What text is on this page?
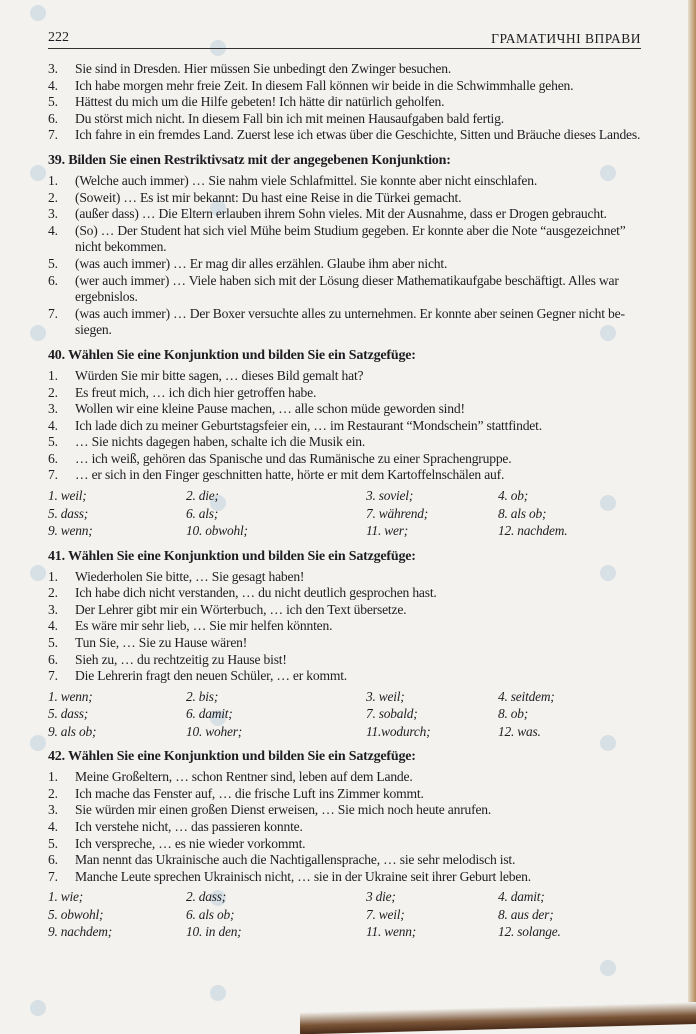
222	ГРАМАТИЧНІ ВПРАВИ
3.	Sie sind in Dresden. Hier müssen Sie unbedingt den Zwinger besuchen.
4.	Ich habe morgen mehr freie Zeit. In diesem Fall können wir beide in die Schwimmhalle gehen.
5.	Hättest du mich um die Hilfe gebeten! Ich hätte dir natürlich geholfen.
6.	Du störst mich nicht. In diesem Fall bin ich mit meinen Hausaufgaben bald fertig.
7.	Ich fahre in ein fremdes Land. Zuerst lese ich etwas über die Geschichte, Sitten und Bräuche dieses Landes.
39. Bilden Sie einen Restriktivsatz mit der angegebenen Konjunktion:
1.	(Welche auch immer) … Sie nahm viele Schlafmittel. Sie konnte aber nicht einschlafen.
2.	(Soweit) … Es ist mir bekannt: Du hast eine Reise in die Türkei gemacht.
3.	(außer dass) … Die Eltern erlauben ihrem Sohn vieles. Mit der Ausnahme, dass er Drogen gebraucht.
4.	(So) … Der Student hat sich viel Mühe beim Studium gegeben. Er konnte aber die Note “ausgezeichnet” nicht bekommen.
5.	(was auch immer) … Er mag dir alles erzählen. Glaube ihm aber nicht.
6.	(wer auch immer) … Viele haben sich mit der Lösung dieser Mathematikaufgabe beschäftigt. Alles war ergebnislos.
7.	(was auch immer) … Der Boxer versuchte alles zu unternehmen. Er konnte aber seinen Gegner nicht be-siegen.
40. Wählen Sie eine Konjunktion und bilden Sie ein Satzgefüge:
1.	Würden Sie mir bitte sagen, … dieses Bild gemalt hat?
2.	Es freut mich, … ich dich hier getroffen habe.
3.	Wollen wir eine kleine Pause machen, … alle schon müde geworden sind!
4.	Ich lade dich zu meiner Geburtstagsfeier ein, … im Restaurant “Mondschein” stattfindet.
5.	… Sie nichts dagegen haben, schalte ich die Musik ein.
6.	… ich weiß, gehören das Spanische und das Rumänische zu einer Sprachengruppe.
7.	… er sich in den Finger geschnitten hatte, hörte er mit dem Kartoffelnschälen auf.
1. weil;	2. die;	3. soviel;	4. ob;
5. dass;	6. als;	7. während;	8. als ob;
9. wenn;	10. obwohl;	11. wer;	12. nachdem.
41. Wählen Sie eine Konjunktion und bilden Sie ein Satzgefüge:
1.	Wiederholen Sie bitte, … Sie gesagt haben!
2.	Ich habe dich nicht verstanden, … du nicht deutlich gesprochen hast.
3.	Der Lehrer gibt mir ein Wörterbuch, … ich den Text übersetze.
4.	Es wäre mir sehr lieb, … Sie mir helfen könnten.
5.	Tun Sie, … Sie zu Hause wären!
6.	Sieh zu, … du rechtzeitig zu Hause bist!
7.	Die Lehrerin fragt den neuen Schüler, … er kommt.
1. wenn;	2. bis;	3. weil;	4. seitdem;
5. dass;	6. damit;	7. sobald;	8. ob;
9. als ob;	10. woher;	11.wodurch;	12. was.
42. Wählen Sie eine Konjunktion und bilden Sie ein Satzgefüge:
1.	Meine Großeltern, … schon Rentner sind, leben auf dem Lande.
2.	Ich mache das Fenster auf, … die frische Luft ins Zimmer kommt.
3.	Sie würden mir einen großen Dienst erweisen, … Sie mich noch heute anrufen.
4.	Ich verstehe nicht, … das passieren konnte.
5.	Ich verspreche, … es nie wieder vorkommt.
6.	Man nennt das Ukrainische auch die Nachtigallensprache, … sie sehr melodisch ist.
7.	Manche Leute sprechen Ukrainisch nicht, … sie in der Ukraine seit ihrer Geburt leben.
1. wie;	2. dass;	3 die;	4. damit;
5. obwohl;	6. als ob;	7. weil;	8. aus der;
9. nachdem;	10. in den;	11. wenn;	12. solange.
